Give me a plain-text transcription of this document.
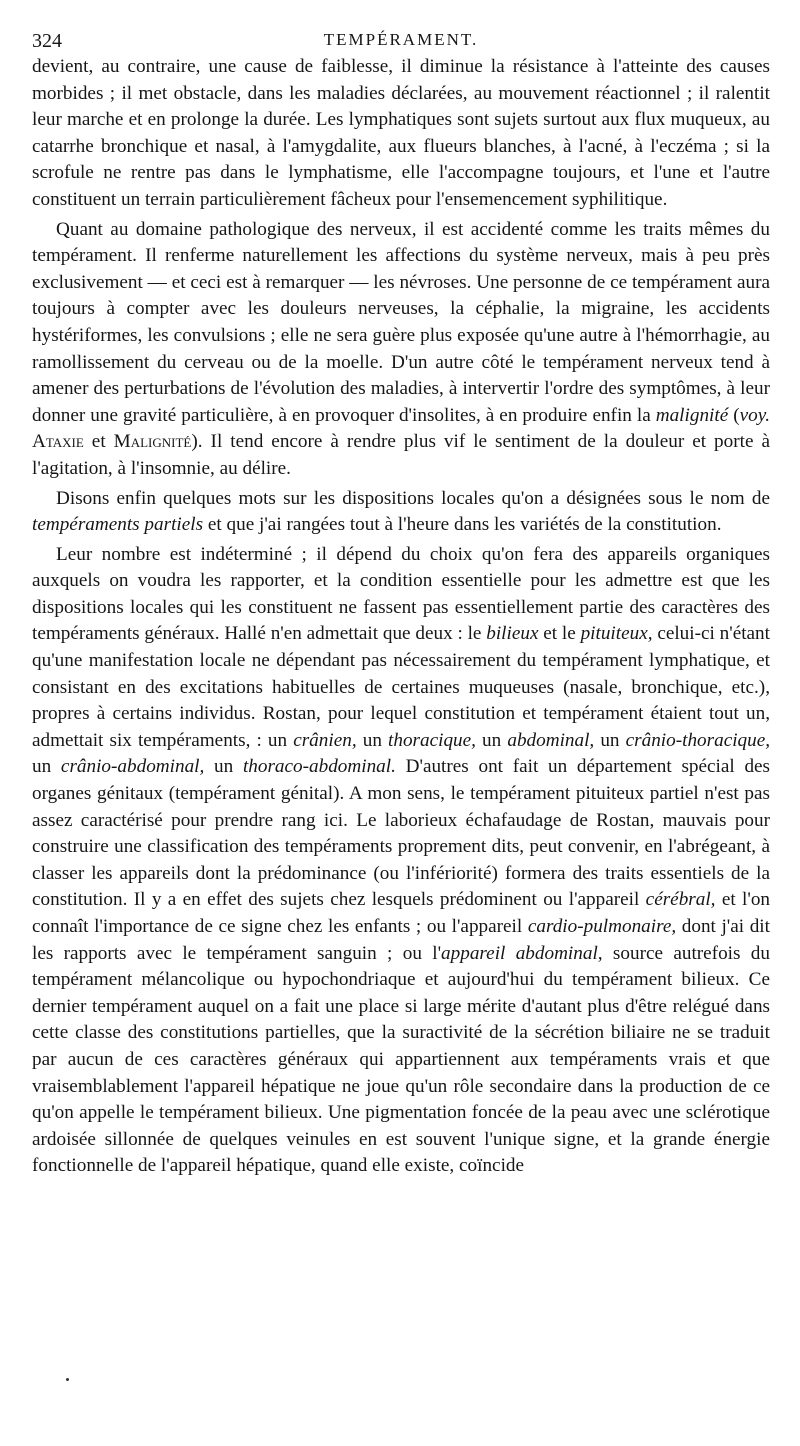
324	TEMPÉRAMENT.

devient, au contraire, une cause de faiblesse, il diminue la résistance à l'atteinte des causes morbides ; il met obstacle, dans les maladies déclarées, au mouvement réactionnel ; il ralentit leur marche et en prolonge la durée. Les lymphatiques sont sujets surtout aux flux muqueux, au catarrhe bronchique et nasal, à l'amygdalite, aux flueurs blanches, à l'acné, à l'eczéma ; si la scrofule ne rentre pas dans le lymphatisme, elle l'accompagne toujours, et l'une et l'autre constituent un terrain particulièrement fâcheux pour l'ensemencement syphilitique.

Quant au domaine pathologique des nerveux, il est accidenté comme les traits mêmes du tempérament. Il renferme naturellement les affections du système nerveux, mais à peu près exclusivement — et ceci est à remarquer — les névroses. Une personne de ce tempérament aura toujours à compter avec les douleurs nerveuses, la céphalie, la migraine, les accidents hystériformes, les convulsions ; elle ne sera guère plus exposée qu'une autre à l'hémorrhagie, au ramollissement du cerveau ou de la moelle. D'un autre côté le tempérament nerveux tend à amener des perturbations de l'évolution des maladies, à intervertir l'ordre des symptômes, à leur donner une gravité particulière, à en provoquer d'insolites, à en produire enfin la malignité (voy. Ataxie et Malignité). Il tend encore à rendre plus vif le sentiment de la douleur et porte à l'agitation, à l'insomnie, au délire.

Disons enfin quelques mots sur les dispositions locales qu'on a désignées sous le nom de tempéraments partiels et que j'ai rangées tout à l'heure dans les variétés de la constitution.

Leur nombre est indéterminé ; il dépend du choix qu'on fera des appareils organiques auxquels on voudra les rapporter, et la condition essentielle pour les admettre est que les dispositions locales qui les constituent ne fassent pas essentiellement partie des caractères des tempéraments généraux. Hallé n'en admettait que deux : le bilieux et le pituiteux, celui-ci n'étant qu'une manifestation locale ne dépendant pas nécessairement du tempérament lymphatique, et consistant en des excitations habituelles de certaines muqueuses (nasale, bronchique, etc.), propres à certains individus. Rostan, pour lequel constitution et tempérament étaient tout un, admettait six tempéraments, : un crânien, un thoracique, un abdominal, un crânio-thoracique, un crânio-abdominal, un thoraco-abdominal. D'autres ont fait un département spécial des organes génitaux (tempérament génital). A mon sens, le tempérament pituiteux partiel n'est pas assez caractérisé pour prendre rang ici. Le laborieux échafaudage de Rostan, mauvais pour construire une classification des tempéraments proprement dits, peut convenir, en l'abrégeant, à classer les appareils dont la prédominance (ou l'infériorité) formera des traits essentiels de la constitution. Il y a en effet des sujets chez lesquels prédominent ou l'appareil cérébral, et l'on connaît l'importance de ce signe chez les enfants ; ou l'appareil cardio-pulmonaire, dont j'ai dit les rapports avec le tempérament sanguin ; ou l'appareil abdominal, source autrefois du tempérament mélancolique ou hypochondriaque et aujourd'hui du tempérament bilieux. Ce dernier tempérament auquel on a fait une place si large mérite d'autant plus d'être relégué dans cette classe des constitutions partielles, que la suractivité de la sécrétion biliaire ne se traduit par aucun de ces caractères généraux qui appartiennent aux tempéraments vrais et que vraisemblablement l'appareil hépatique ne joue qu'un rôle secondaire dans la production de ce qu'on appelle le tempérament bilieux. Une pigmentation foncée de la peau avec une sclérotique ardoisée sillonnée de quelques veinules en est souvent l'unique signe, et la grande énergie fonctionnelle de l'appareil hépatique, quand elle existe, coïncide
